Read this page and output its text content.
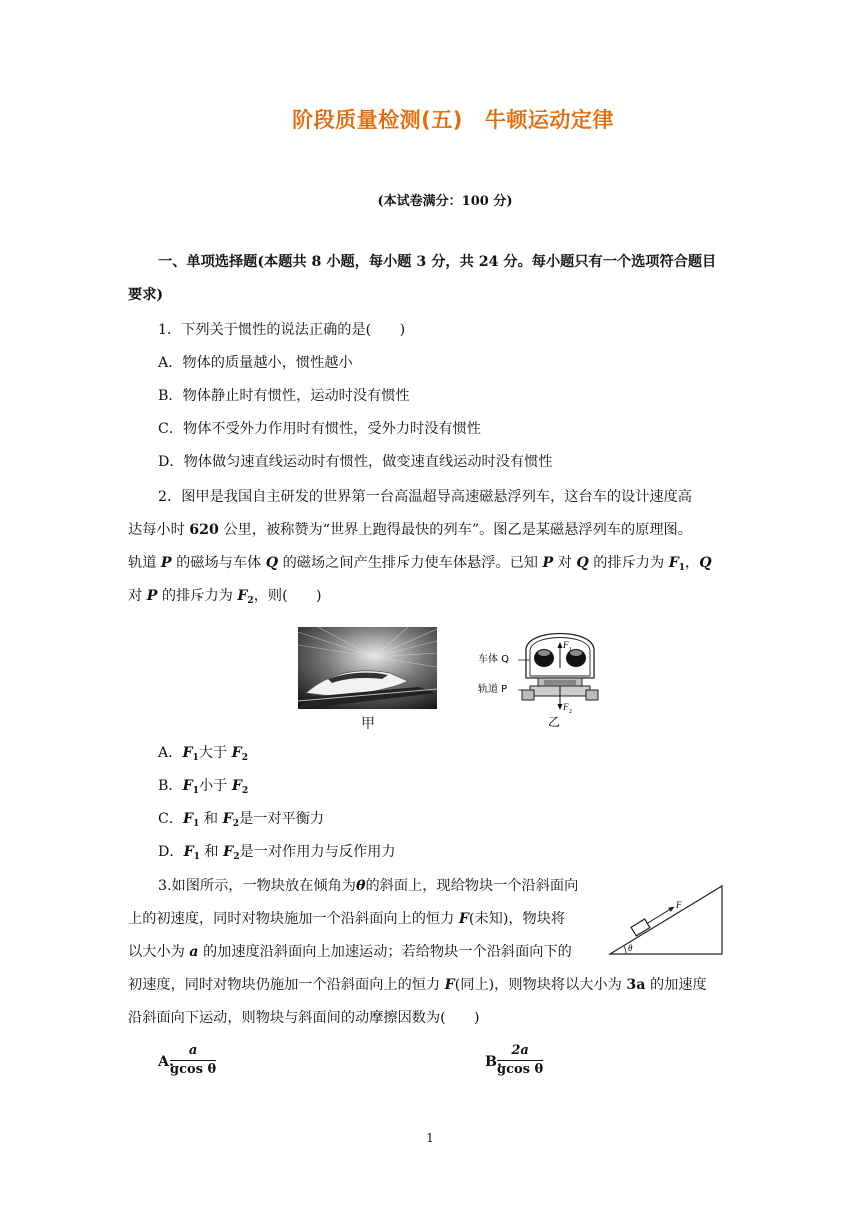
阶段质量检测(五) 牛顿运动定律
(本试卷满分：100 分)
一、单项选择题(本题共 8 小题，每小题 3 分，共 24 分。每小题只有一个选项符合题目
要求)
1．下列关于惯性的说法正确的是(　　)
A．物体的质量越小，惯性越小
B．物体静止时有惯性，运动时没有惯性
C．物体不受外力作用时有惯性，受外力时没有惯性
D．物体做匀速直线运动时有惯性，做变速直线运动时没有惯性
2．图甲是我国自主研发的世界第一台高温超导高速磁悬浮列车，这台车的设计速度高
达每小时 620 公里，被称赞为“世界上跑得最快的列车”。图乙是某磁悬浮列车的原理图。
轨道 P 的磁场与车体 Q 的磁场之间产生排斥力使车体悬浮。已知 P 对 Q 的排斥力为 $F_1$，Q
对 P 的排斥力为 $F_2$，则(　　)
甲
F 1
F 2
车体 Q
轨道 P
乙
A．$F_1$大于 $F_2$
B．$F_1$小于 $F_2$
C．$F_1$ 和 $F_2$是一对平衡力
D．$F_1$ 和 $F_2$是一对作用力与反作用力
3.如图所示，一物块放在倾角为θ的斜面上，现给物块一个沿斜面向
上的初速度，同时对物块施加一个沿斜面向上的恒力 F(未知)，物块将
以大小为 a 的加速度沿斜面向上加速运动；若给物块一个沿斜面向下的
初速度，同时对物块仍施加一个沿斜面向上的恒力 F(同上)，则物块将以大小为 3a 的加速度
沿斜面向下运动，则物块与斜面间的动摩擦因数为(　　)
θ
F
A.
$\frac{a}{\text{gcos θ}}$	B.
$\frac{2a}{\text{gcos θ}}$
1
